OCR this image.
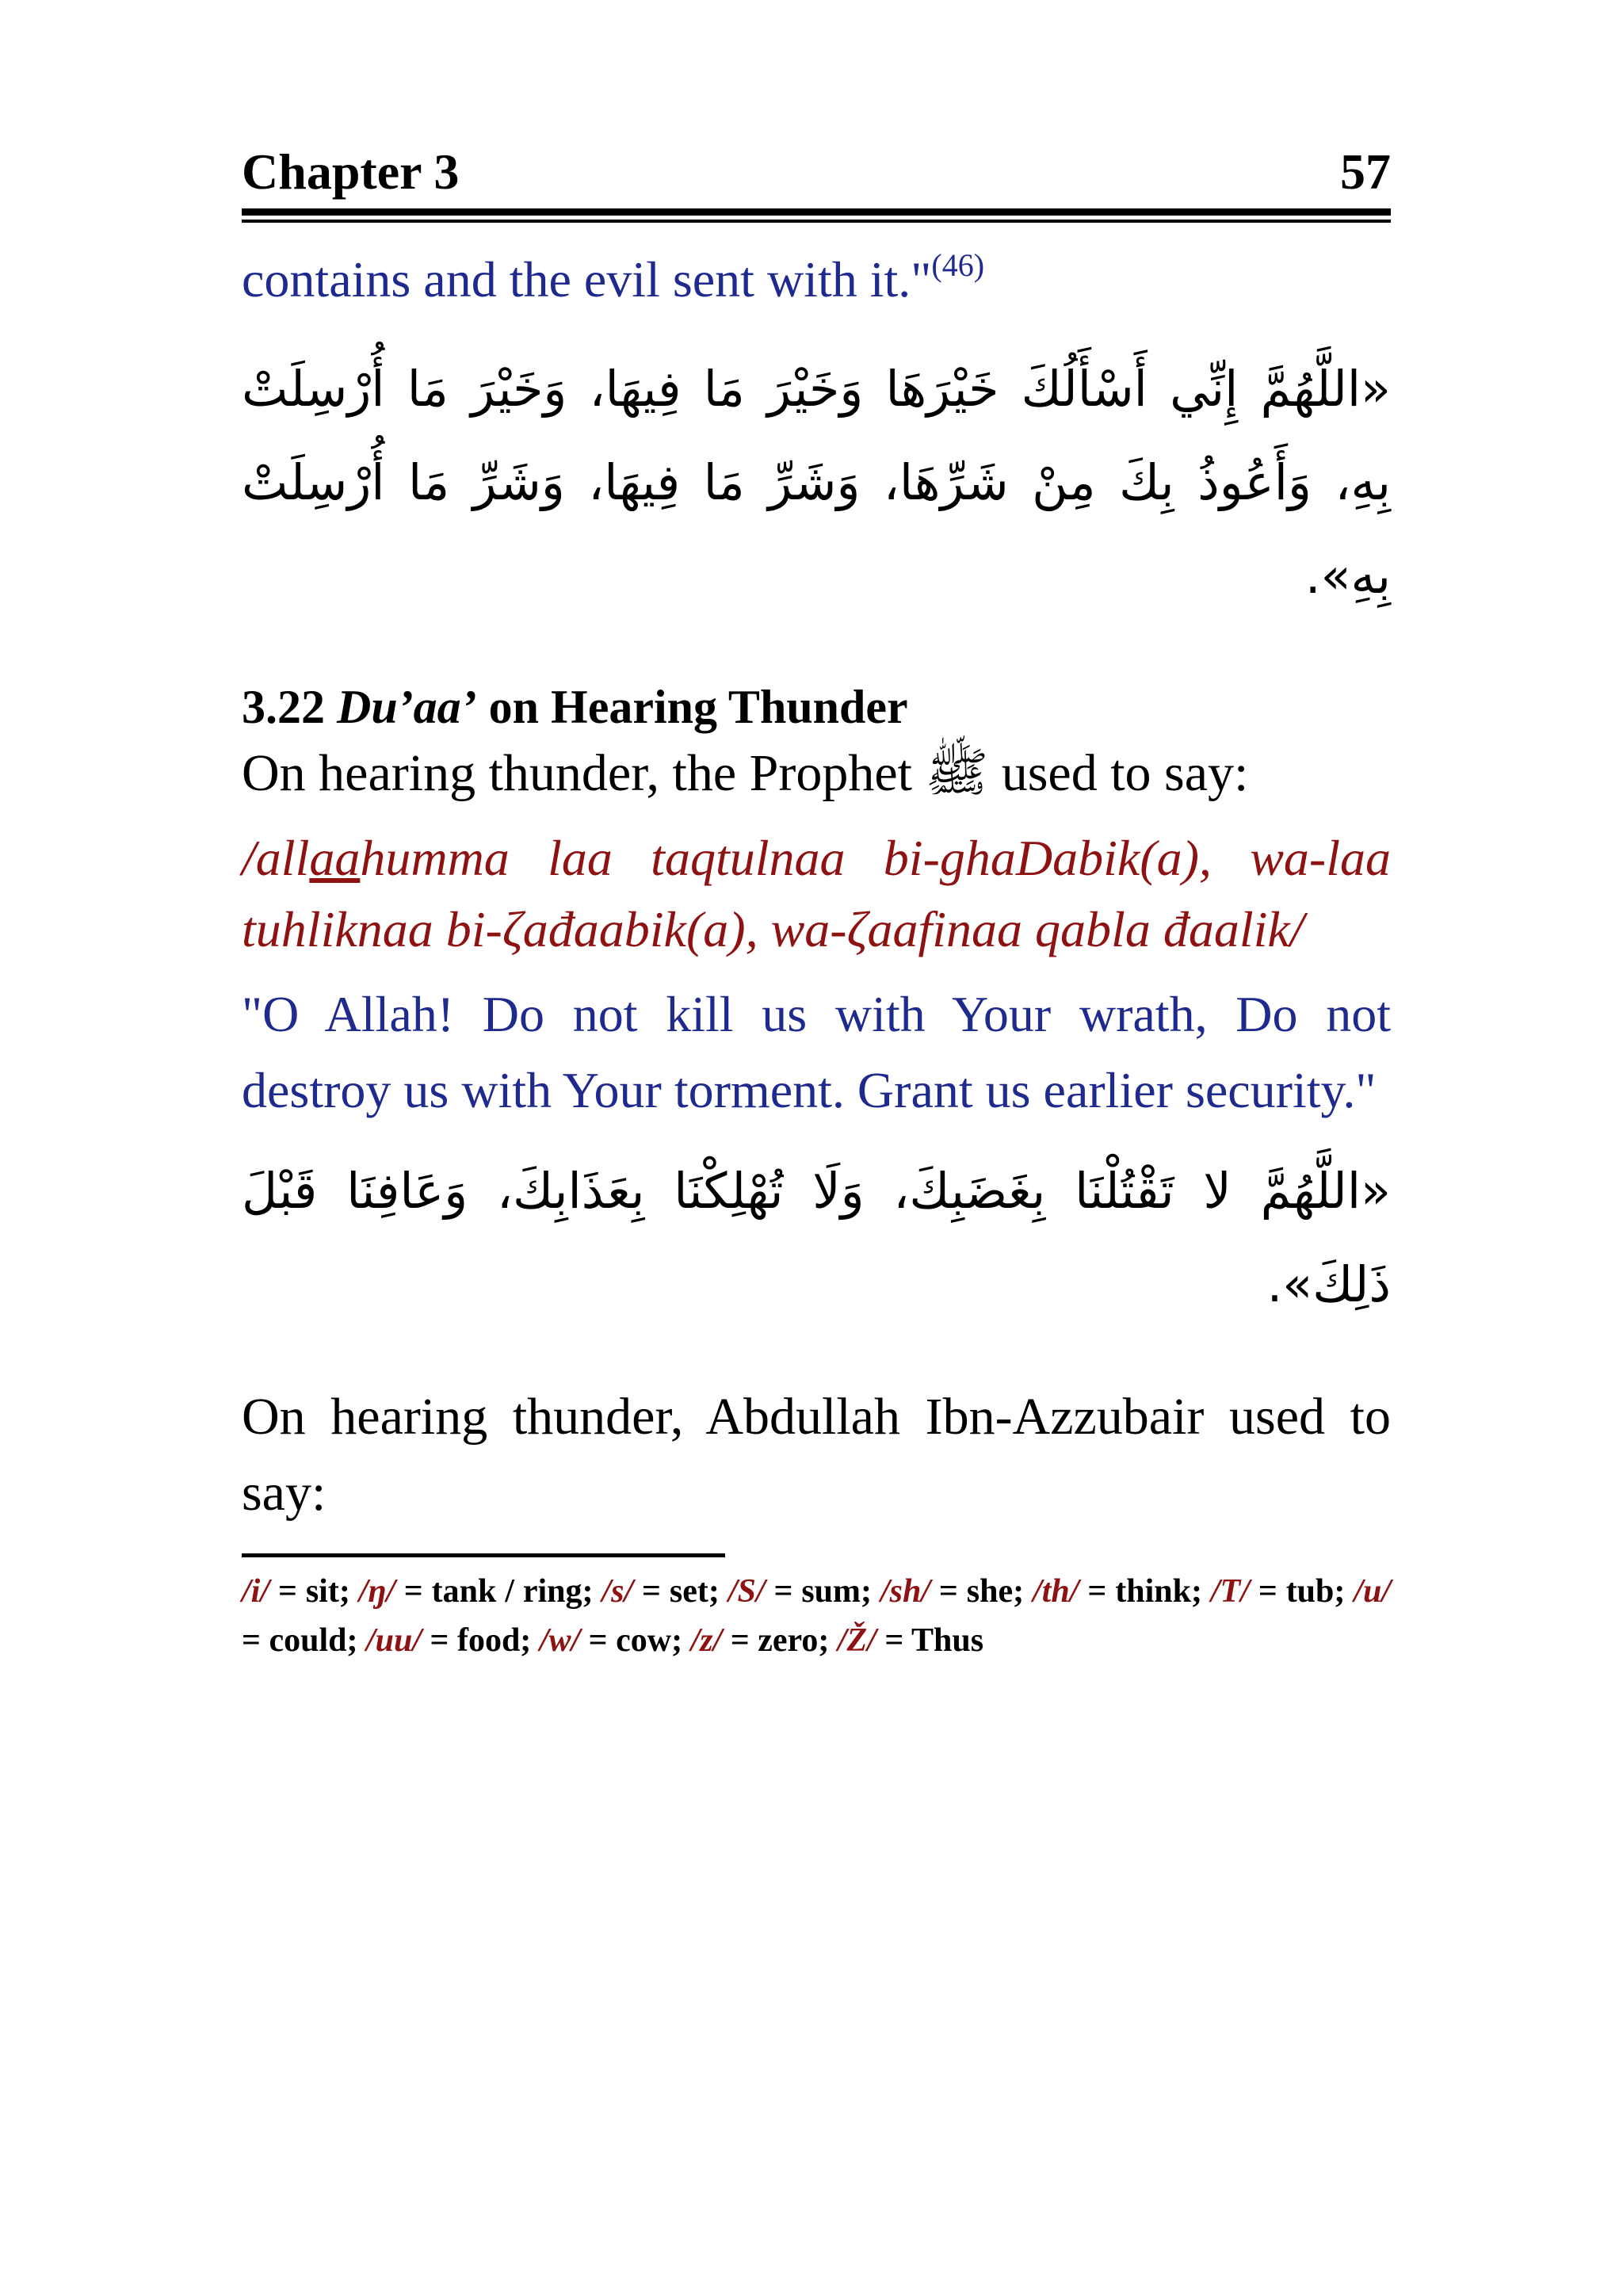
Chapter 3	57
contains and the evil sent with it."$^{(46)}$
«اللَّهُمَّ إِنِّي أَسْأَلُكَ خَيْرَهَا وَخَيْرَ مَا فِيهَا، وَخَيْرَ مَا أُرْسِلَتْ بِهِ، وَأَعُوذُ بِكَ مِنْ شَرِّهَا، وَشَرِّ مَا فِيهَا، وَشَرِّ مَا أُرْسِلَتْ بِهِ».
3.22 Du’aa’ on Hearing Thunder
On hearing thunder, the Prophet ﷺ used to say:
/allaahumma laa taqtulnaa bi-ghaDabik(a), wa-laa tuhliknaa bi-ζađaabik(a), wa-ζaafinaa qabla đaalik/
"O Allah! Do not kill us with Your wrath, Do not destroy us with Your torment. Grant us earlier security."
«اللَّهُمَّ لا تَقْتُلْنَا بِغَضَبِكَ، وَلَا تُهْلِكْنَا بِعَذَابِكَ، وَعَافِنَا قَبْلَ ذَلِكَ».
On hearing thunder, Abdullah Ibn-Azzubair used to say:
/i/ = sit; /ŋ/ = tank / ring; /s/ = set; /S/ = sum; /sh/ = she; /th/ = think; /T/ = tub; /u/ = could; /uu/ = food; /w/ = cow; /z/ = zero; /Ž/ = Thus
